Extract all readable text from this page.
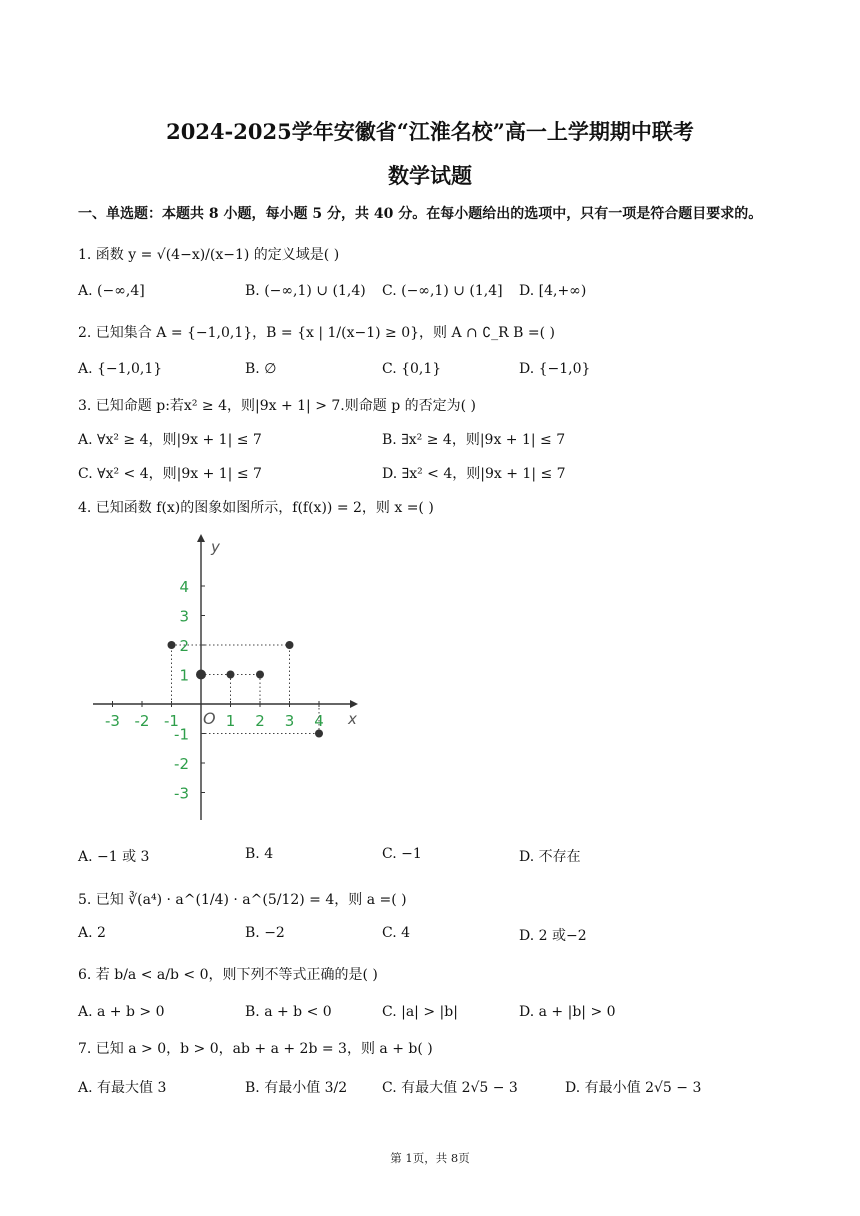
2024-2025学年安徽省“江淮名校”高一上学期期中联考
数学试题
一、单选题：本题共 8 小题，每小题 5 分，共 40 分。在每小题给出的选项中，只有一项是符合题目要求的。
1. 函数 y = √(4−x)/(x−1) 的定义域是( )
A. (−∞,4]	B. (−∞,1) ∪ (1,4) C. (−∞,1) ∪ (1,4] D. [4,+∞)
2. 已知集合 A = {−1,0,1}，B = {x | 1/(x−1) ≥ 0}，则 A ∩ ∁_R B =( )
A. {−1,0,1}	B. ∅	C. {0,1}	D. {−1,0}
3. 已知命题 p:若x² ≥ 4，则|9x + 1| > 7.则命题 p 的否定为( )
A. ∀x² ≥ 4，则|9x + 1| ≤ 7	B. ∃x² ≥ 4，则|9x + 1| ≤ 7
C. ∀x² < 4，则|9x + 1| ≤ 7	D. ∃x² < 4，则|9x + 1| ≤ 7
4. 已知函数 f(x)的图象如图所示，f(f(x)) = 2，则 x =( )
x
y
O
-3 -2 -1	1 2 3 4
4
3
2
1
-1
-2
-3
A. −1 或 3	B. 4	C. −1	D. 不存在
5. 已知 ∛(a⁴) · a^(1/4) · a^(5/12) = 4，则 a =( )
A. 2	B. −2	C. 4	D. 2 或−2
6. 若 b/a < a/b < 0，则下列不等式正确的是( )
A. a + b > 0	B. a + b < 0	C. |a| > |b|	D. a + |b| > 0
7. 已知 a > 0，b > 0，ab + a + 2b = 3，则 a + b( )
A. 有最大值 3	B. 有最小值 3/2 C. 有最大值 2√5 − 3	D. 有最小值 2√5 − 3
第 1页，共 8页
